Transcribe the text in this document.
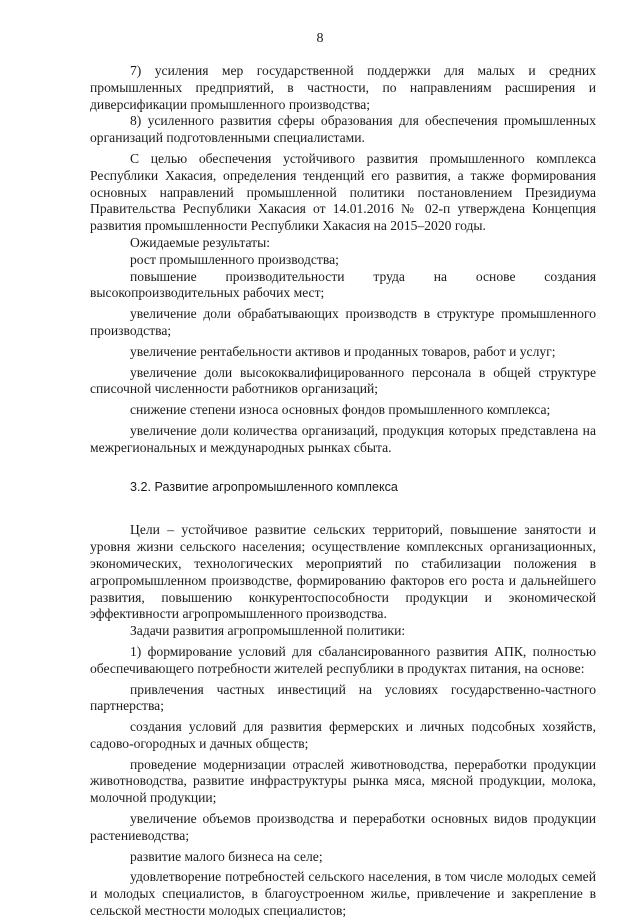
8

7) усиления мер государственной поддержки для малых и средних промышленных предприятий, в частности, по направлениям расширения и диверсификации промышленного производства;

8) усиленного развития сферы образования для обеспечения промышленных организаций подготовленными специалистами.

С целью обеспечения устойчивого развития промышленного комплекса Республики Хакасия, определения тенденций его развития, а также формирования основных направлений промышленной политики постановлением Президиума Правительства Республики Хакасия от 14.01.2016 № 02-п утверждена Концепция развития промышленности Республики Хакасия на 2015–2020 годы.

Ожидаемые результаты:

рост промышленного производства;

повышение производительности труда на основе создания высокопроизводительных рабочих мест;

увеличение доли обрабатывающих производств в структуре промышленного производства;

увеличение рентабельности активов и проданных товаров, работ и услуг;

увеличение доли высококвалифицированного персонала в общей структуре списочной численности работников организаций;

снижение степени износа основных фондов промышленного комплекса;

увеличение доли количества организаций, продукция которых представлена на межрегиональных и международных рынках сбыта.

3.2. Развитие агропромышленного комплекса

Цели – устойчивое развитие сельских территорий, повышение занятости и уровня жизни сельского населения; осуществление комплексных организационных, экономических, технологических мероприятий по стабилизации положения в агропромышленном производстве, формированию факторов его роста и дальнейшего развития, повышению конкурентоспособности продукции и экономической эффективности агропромышленного производства.

Задачи развития агропромышленной политики:

1) формирование условий для сбалансированного развития АПК, полностью обеспечивающего потребности жителей республики в продуктах питания, на основе:

привлечения частных инвестиций на условиях государственно-частного партнерства;

создания условий для развития фермерских и личных подсобных хозяйств, садово-огородных и дачных обществ;

проведение модернизации отраслей животноводства, переработки продукции животноводства, развитие инфраструктуры рынка мяса, мясной продукции, молока, молочной продукции;

увеличение объемов производства и переработки основных видов продукции растениеводства;

развитие малого бизнеса на селе;

удовлетворение потребностей сельского населения, в том числе молодых семей и молодых специалистов, в благоустроенном жилье, привлечение и закрепление в сельской местности молодых специалистов;
